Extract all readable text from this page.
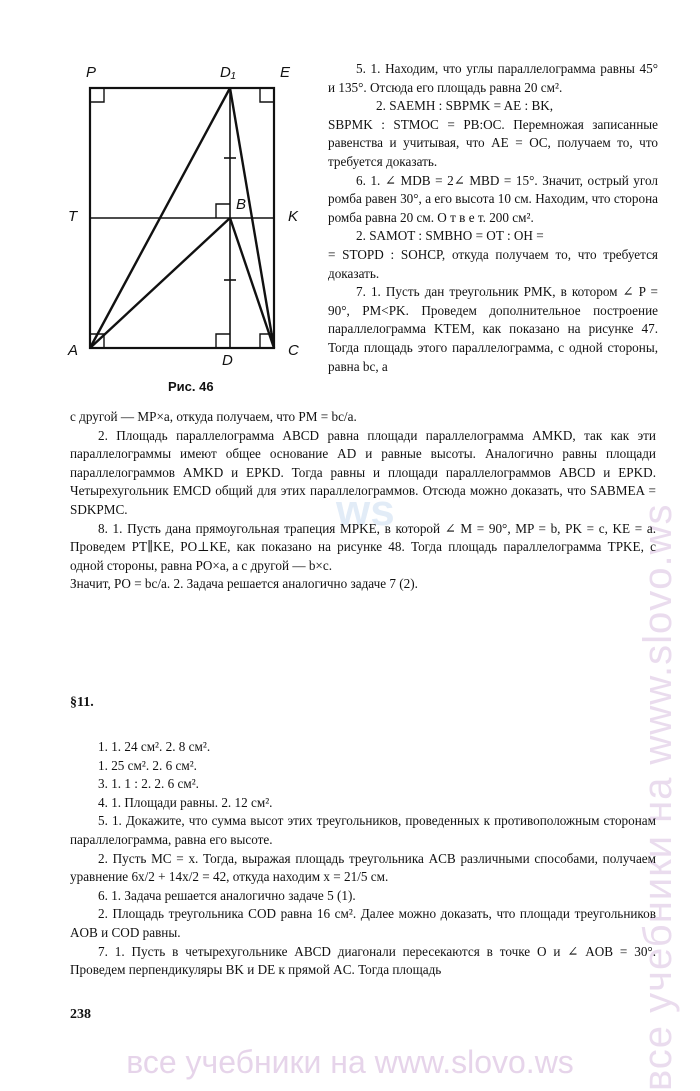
все учебники на www.slovo.ws
ws
P	D₁	E
T
B
K
A
D
C
Рис. 46

5. 1. Находим, что углы параллелограмма равны 45° и 135°. Отсюда его площадь равна 20 см².

2. SAEMH : SBPMK = AE : BK,

SBPMK : STMOC = PB:OC. Перемножая записанные равенства и учитывая, что AE = OC, получаем то, что требуется доказать.

6. 1. ∠ MDB = 2∠ MBD = 15°. Значит, острый угол ромба равен 30°, а его высота 10 см. Находим, что сторона ромба равна 20 см. О т в е т. 200 см².

2. SAMOT : SMBHO = OT : OH =

= STOPD : SOHCP, откуда получаем то, что требуется доказать.

7. 1. Пусть дан треугольник PMK, в котором ∠ P = 90°, PM<PK. Проведем дополнительное построение параллелограмма KTEM, как показано на рисунке 47. Тогда площадь этого параллелограмма, с одной стороны, равна bc, а

с другой — MP×a, откуда получаем, что PM = bc/a.

2. Площадь параллелограмма ABCD равна площади параллелограмма AMKD, так как эти параллелограммы имеют общее основание AD и равные высоты. Аналогично равны площади параллелограммов AMKD и EPKD. Тогда равны и площади параллелограммов ABCD и EPKD. Четырехугольник EMCD общий для этих параллелограммов. Отсюда можно доказать, что SABMEA = SDKPMC.

8. 1. Пусть дана прямоугольная трапеция MPKE, в которой ∠ M = 90°, MP = b, PK = c, KE = a. Проведем PT∥KE, PO⊥KE, как показано на рисунке 48. Тогда площадь параллелограмма TPKE, с одной стороны, равна PO×a, а с другой — b×c.

Значит, PO = bc/a. 2. Задача решается аналогично задаче 7 (2).

§11.

1. 1. 24 см². 2. 8 см².

1. 25 см². 2. 6 см².

3. 1. 1 : 2. 2. 6 см².

4. 1. Площади равны. 2. 12 см².

5. 1. Докажите, что сумма высот этих треугольников, проведенных к противоположным сторонам параллелограмма, равна его высоте.

2. Пусть MC = x. Тогда, выражая площадь треугольника ACB различными способами, получаем уравнение 6x/2 + 14x/2 = 42, откуда находим x = 21/5 см.

6. 1. Задача решается аналогично задаче 5 (1).

2. Площадь треугольника COD равна 16 см². Далее можно доказать, что площади треугольников AOB и COD равны.

7. 1. Пусть в четырехугольнике ABCD диагонали пересекаются в точке O и ∠ AOB = 30°. Проведем перпендикуляры BK и DE к прямой AC. Тогда площадь

238
все учебники на www.slovo.ws
